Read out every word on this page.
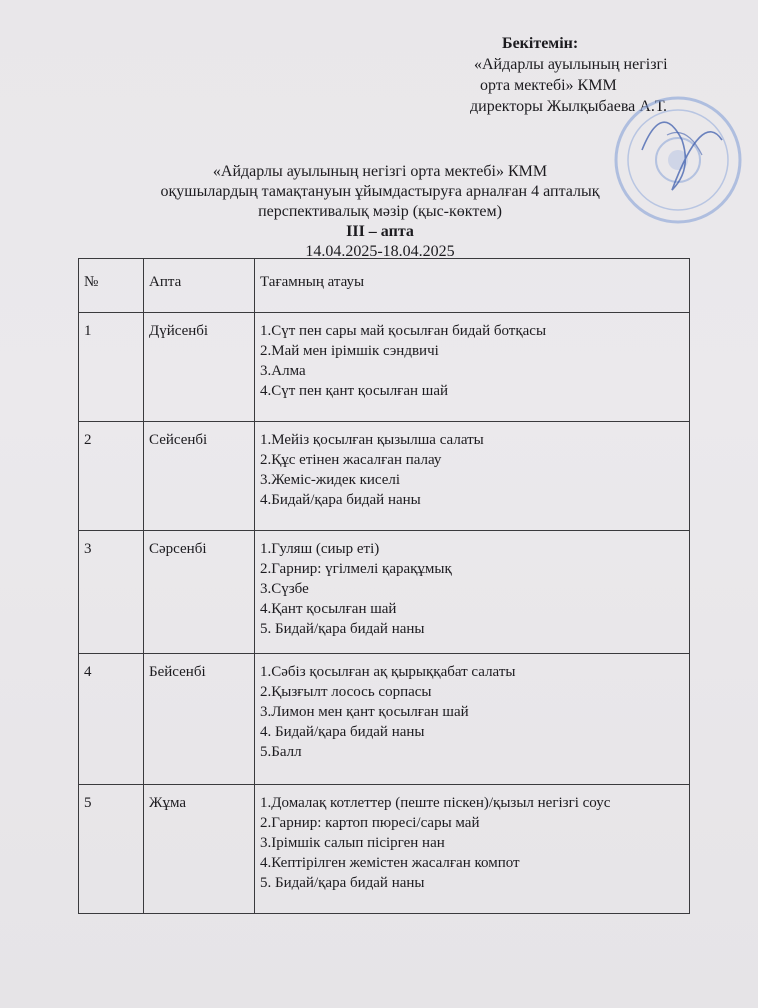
Бекітемін:
«Айдарлы ауылының негізгі
орта мектебі» КММ
директоры Жылқыбаева А.Т.
«Айдарлы ауылының негізгі орта мектебі» КММ
оқушылардың тамақтануын ұйымдастыруға арналған 4 апталық
перспективалық мәзір (қыс-көктем)
ІІІ – апта
14.04.2025-18.04.2025
№	Апта	Тағамның атауы
1	Дүйсенбі	1.Сүт пен сары май қосылған бидай ботқасы
2.Май мен ірімшік сэндвичі
3.Алма
4.Сүт пен қант қосылған шай

2	Сейсенбі	1.Мейіз қосылған қызылша салаты
2.Құс етінен жасалған палау
3.Жеміс-жидек киселі
4.Бидай/қара бидай наны

3	Сәрсенбі	1.Гуляш (сиыр еті)
2.Гарнир: үгілмелі қарақұмық
3.Сүзбе
4.Қант қосылған шай
5. Бидай/қара бидай наны

4	Бейсенбі	1.Сәбіз қосылған ақ қырыққабат салаты
2.Қызғылт лосось сорпасы
3.Лимон мен қант қосылған шай
4. Бидай/қара бидай наны
5.Балл

5	Жұма	1.Домалақ котлеттер (пеште піскен)/қызыл негізгі соус
2.Гарнир: картоп пюресі/сары май
3.Ірімшік салып пісірген нан
4.Кептірілген жемістен жасалған компот
5. Бидай/қара бидай наны
